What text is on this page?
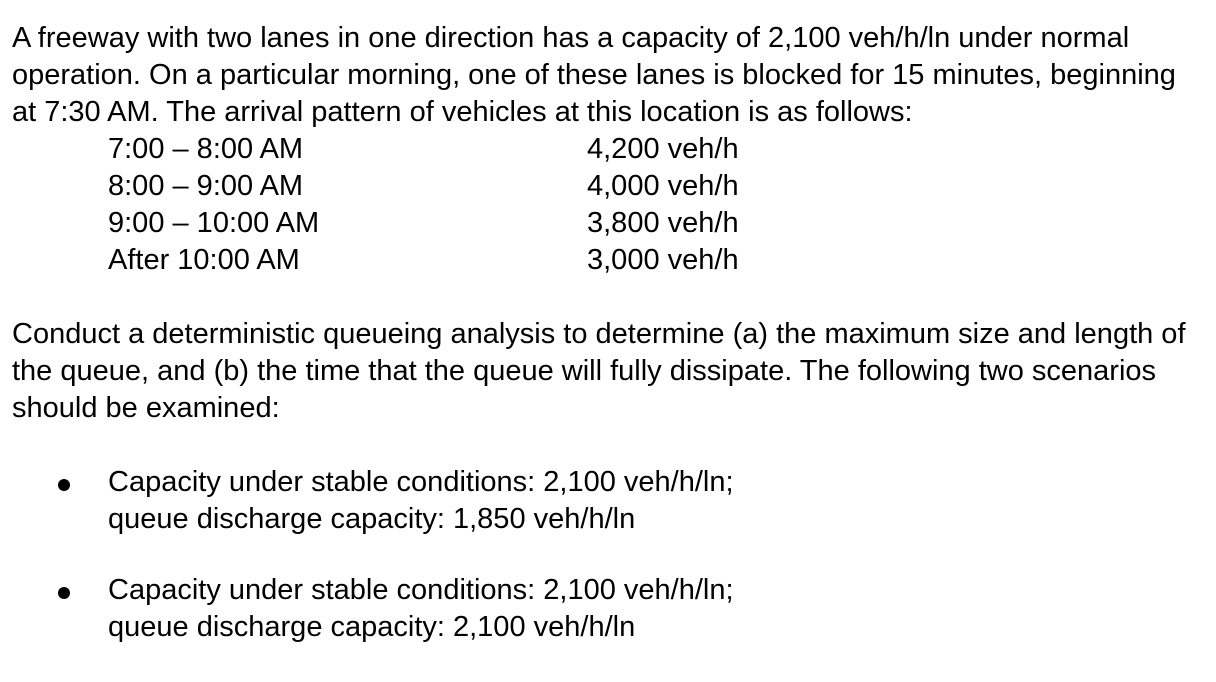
A freeway with two lanes in one direction has a capacity of 2,100 veh/h/ln under normal operation. On a particular morning, one of these lanes is blocked for 15 minutes, beginning at 7:30 AM. The arrival pattern of vehicles at this location is as follows:

7:00 – 8:00 AM	4,200 veh/h
8:00 – 9:00 AM	4,000 veh/h
9:00 – 10:00 AM	3,800 veh/h
After 10:00 AM	3,000 veh/h

Conduct a deterministic queueing analysis to determine (a) the maximum size and length of the queue, and (b) the time that the queue will fully dissipate. The following two scenarios should be examined:

Capacity under stable conditions: 2,100 veh/h/ln;
queue discharge capacity: 1,850 veh/h/ln
Capacity under stable conditions: 2,100 veh/h/ln;
queue discharge capacity: 2,100 veh/h/ln
